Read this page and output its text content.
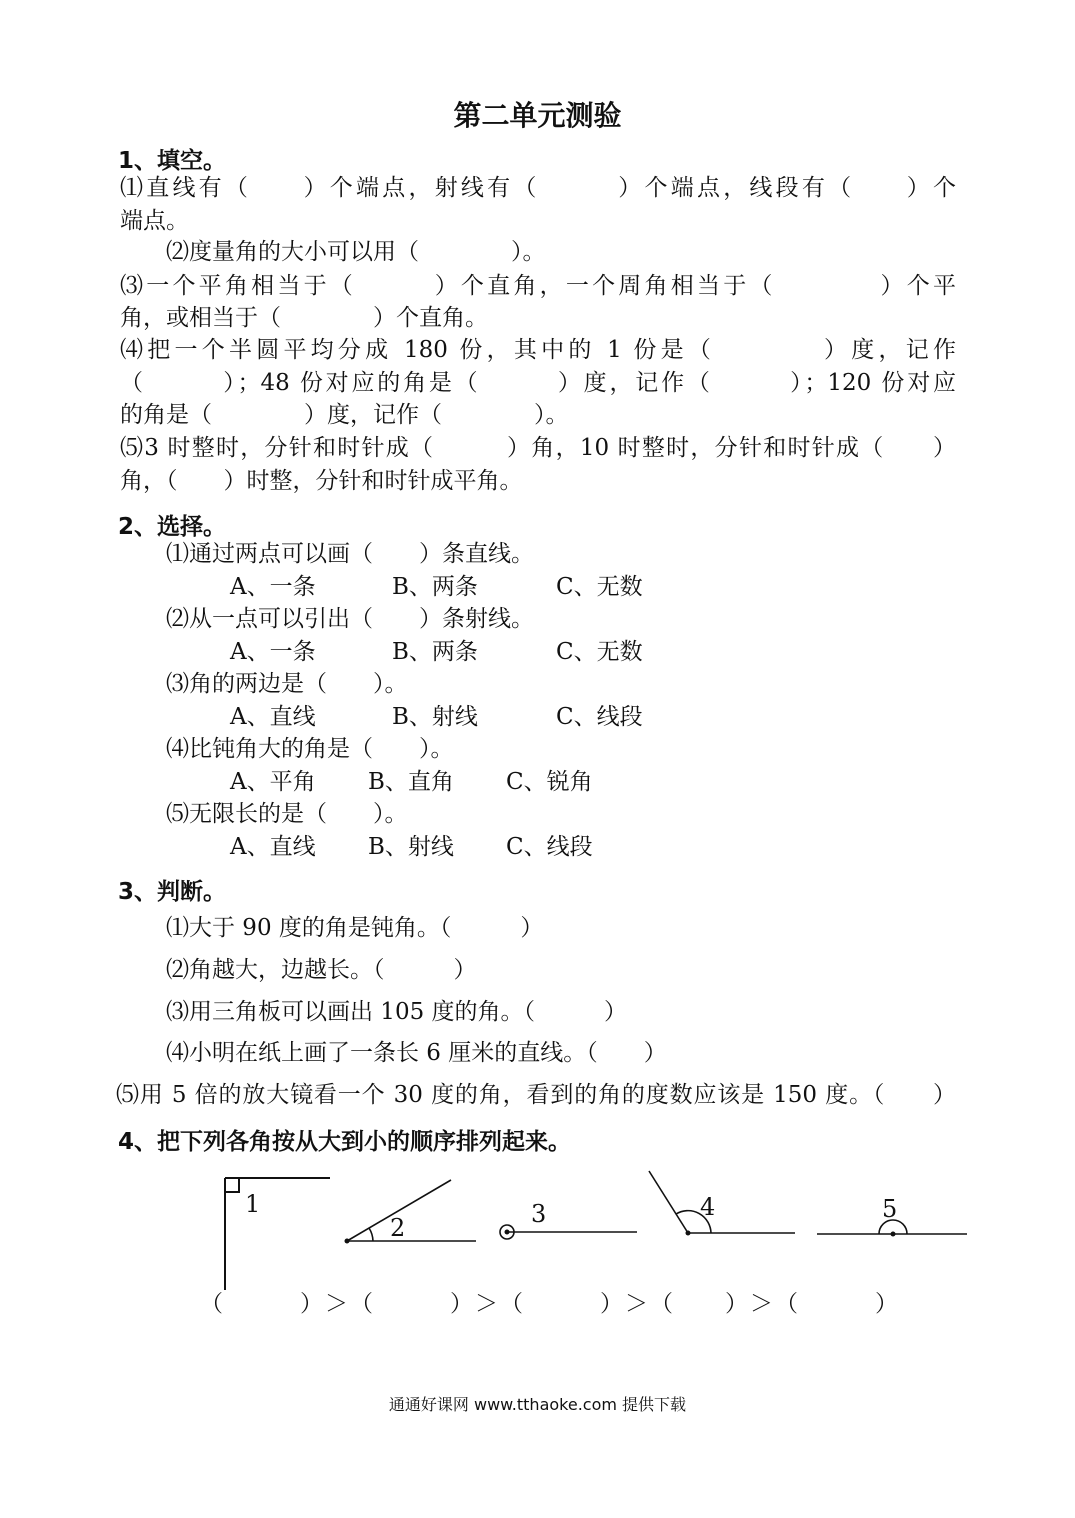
第二单元测验
1、填空。
⑴直线有（　　）个端点，射线有（　　　）个端点，线段有（　　）个
端点。
⑵度量角的大小可以用（　　　　）。
⑶一个平角相当于（　　　）个直角，一个周角相当于（　　　　）个平
角，或相当于（　　　　）个直角。
⑷把一个半圆平均分成 180 份，其中的 1 份是（　　　　）度，记作
（　　　）；48 份对应的角是（　　　）度，记作（　　　）；120 份对应
的角是（　　　　）度，记作（　　　　）。
⑸3 时整时，分针和时针成（　　　）角，10 时整时，分针和时针成（　　）
角，（　　）时整，分针和时针成平角。
2、选择。
⑴通过两点可以画（　　）条直线。
A、一条	B、两条	C、无数
⑵从一点可以引出（　　）条射线。
A、一条	B、两条	C、无数
⑶角的两边是（　　）。
A、直线	B、射线	C、线段
⑷比钝角大的角是（　　）。
A、平角 B、直角 C、锐角
⑸无限长的是（　　）。
A、直线 B、射线 C、线段
3、判断。
⑴大于 90 度的角是钝角。（　　　）
⑵角越大，边越长。（　　　）
⑶用三角板可以画出 105 度的角。（　　　）
⑷小明在纸上画了一条长 6 厘米的直线。（　　）
⑸用 5 倍的放大镜看一个 30 度的角，看到的角的度数应该是 150 度。（　　）
4、把下列各角按从大到小的顺序排列起来。
1
2	3	4	5
（　　　）＞（　　　）＞（　　　）＞（　　）＞（　　　）
通通好课网 www.tthaoke.com 提供下载
